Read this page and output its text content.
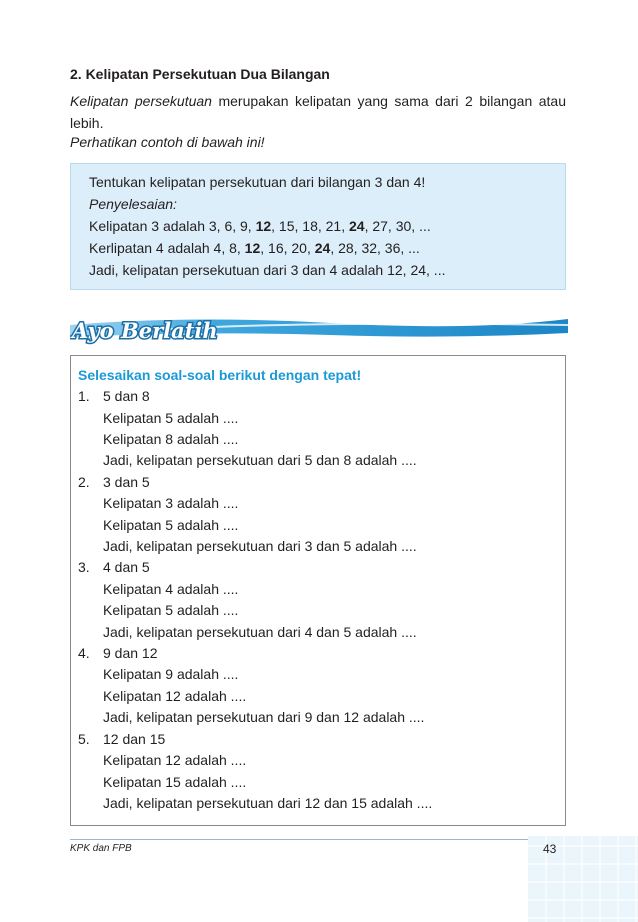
2. Kelipatan Persekutuan Dua Bilangan
Kelipatan persekutuan merupakan kelipatan yang sama dari 2 bilangan atau lebih.
Perhatikan contoh di bawah ini!
Tentukan kelipatan persekutuan dari bilangan 3 dan 4!
Penyelesaian:
Kelipatan 3 adalah 3, 6, 9, 12, 15, 18, 21, 24, 27, 30, ...
Kerlipatan 4 adalah 4, 8, 12, 16, 20, 24, 28, 32, 36, ...
Jadi, kelipatan persekutuan dari 3 dan 4 adalah 12, 24, ...
Ayo Berlatih
Selesaikan soal-soal berikut dengan tepat!
1. 5 dan 8
Kelipatan 5 adalah ....
Kelipatan 8 adalah ....
Jadi, kelipatan persekutuan dari 5 dan 8 adalah ....
2. 3 dan 5
Kelipatan 3 adalah ....
Kelipatan 5 adalah ....
Jadi, kelipatan persekutuan dari 3 dan 5 adalah ....
3. 4 dan 5
Kelipatan 4 adalah ....
Kelipatan 5 adalah ....
Jadi, kelipatan persekutuan dari 4 dan 5 adalah ....
4. 9 dan 12
Kelipatan 9 adalah ....
Kelipatan 12 adalah ....
Jadi, kelipatan persekutuan dari 9 dan 12 adalah ....
5. 12 dan 15
Kelipatan 12 adalah ....
Kelipatan 15 adalah ....
Jadi, kelipatan persekutuan dari 12 dan 15 adalah ....
KPK dan FPB	43
